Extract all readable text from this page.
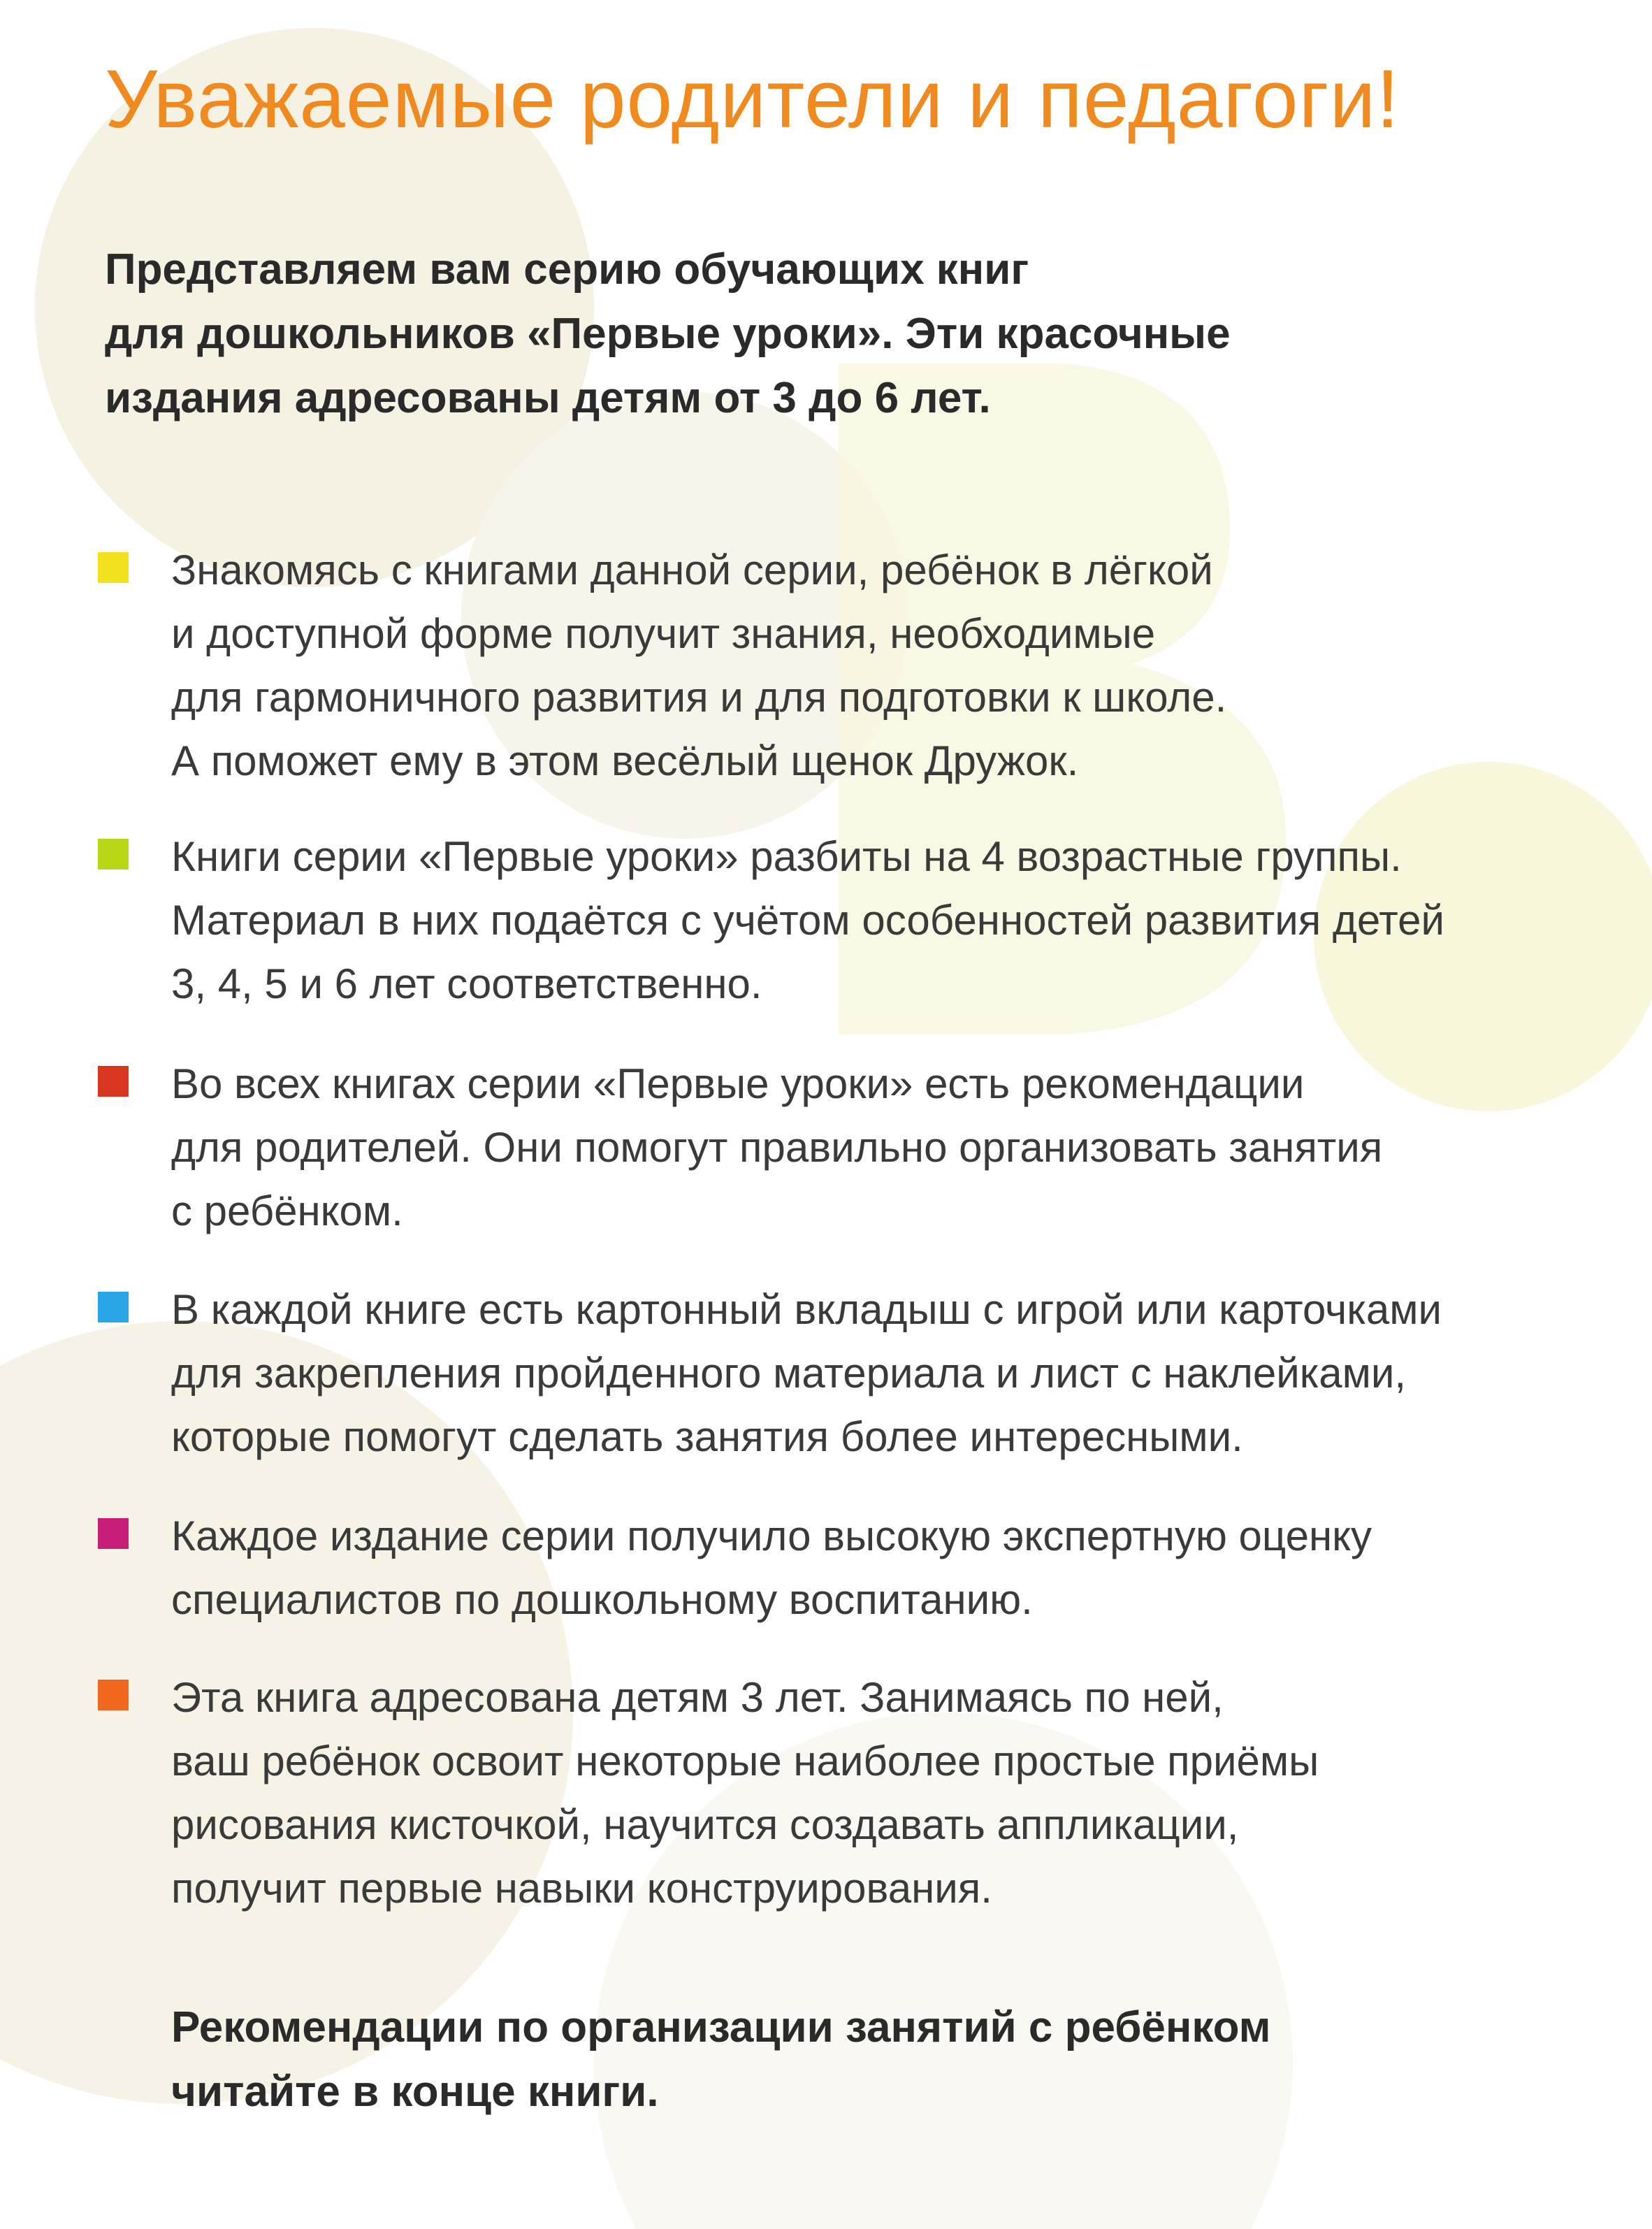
Уважаемые родители и педагоги!

Представляем вам серию обучающих книг
для дошкольников «Первые уроки». Эти красочные
издания адресованы детям от 3 до 6 лет.

Знакомясь с книгами данной серии, ребёнок в лёгкой
и доступной форме получит знания, необходимые
для гармоничного развития и для подготовки к школе.
А поможет ему в этом весёлый щенок Дружок.
Книги серии «Первые уроки» разбиты на 4 возрастные группы.
Материал в них подаётся с учётом особенностей развития детей
3, 4, 5 и 6 лет соответственно.
Во всех книгах серии «Первые уроки» есть рекомендации
для родителей. Они помогут правильно организовать занятия
с ребёнком.
В каждой книге есть картонный вкладыш с игрой или карточками
для закрепления пройденного материала и лист с наклейками,
которые помогут сделать занятия более интересными.
Каждое издание серии получило высокую экспертную оценку
специалистов по дошкольному воспитанию.
Эта книга адресована детям 3 лет. Занимаясь по ней,
ваш ребёнок освоит некоторые наиболее простые приёмы
рисования кисточкой, научится создавать аппликации,
получит первые навыки конструирования.

Рекомендации по организации занятий с ребёнком
читайте в конце книги.
